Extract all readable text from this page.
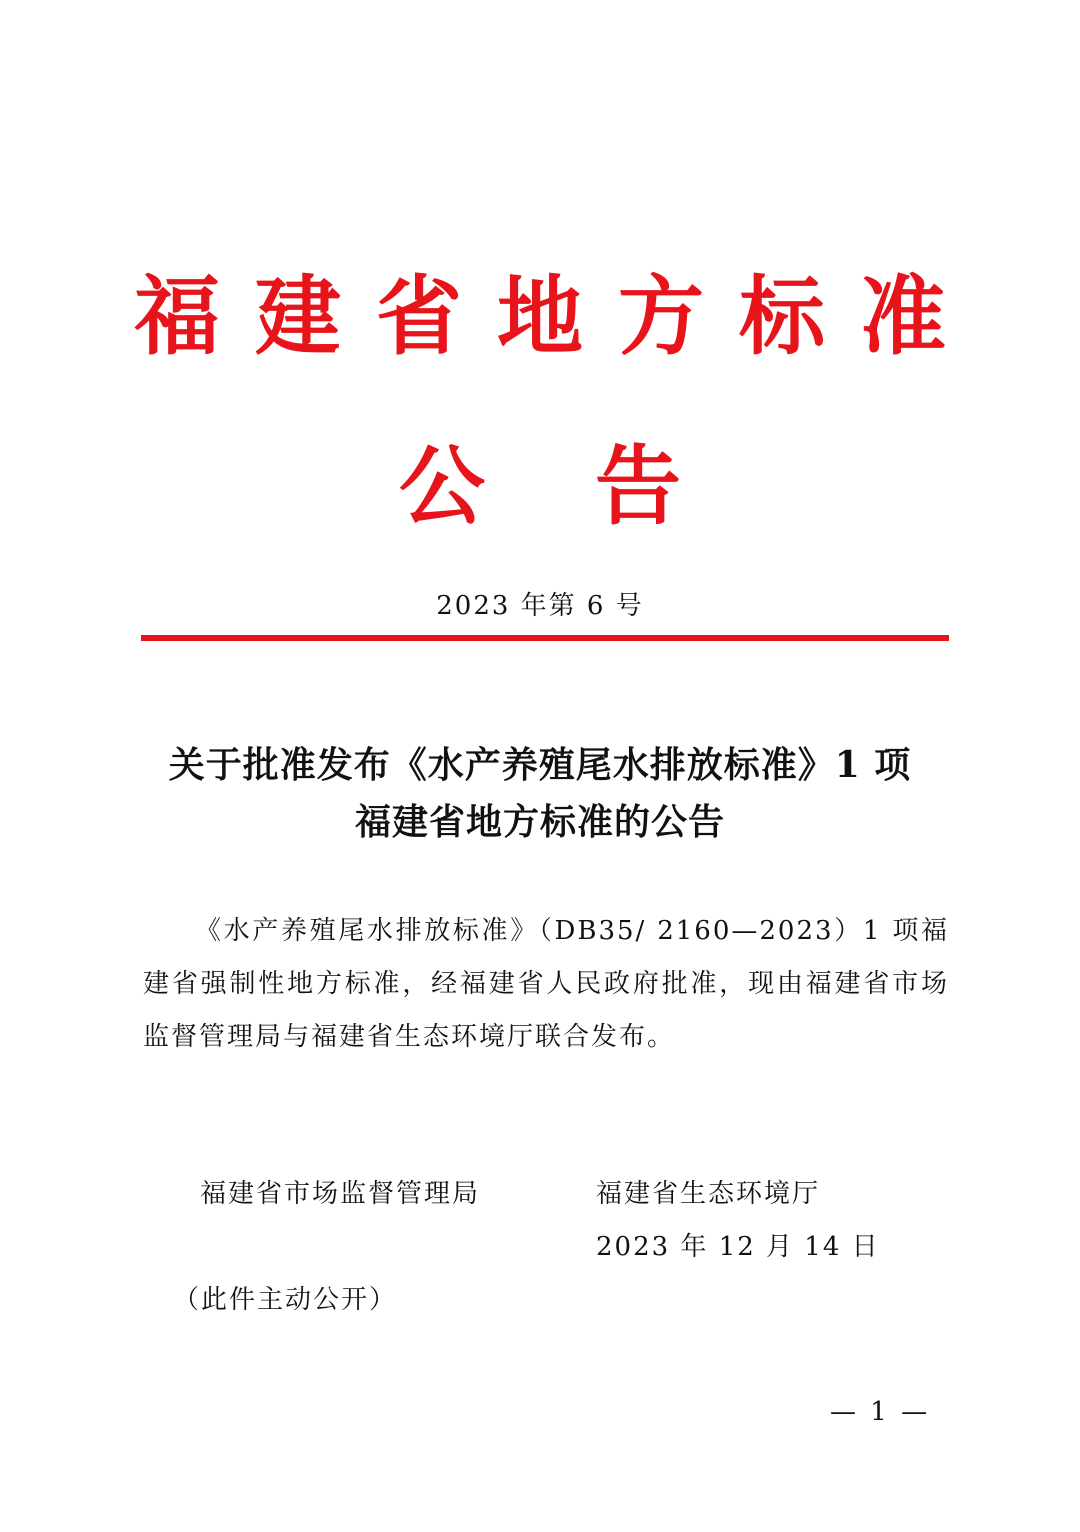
福建省地方标准
公告
2023 年第 6 号
关于批准发布《水产养殖尾水排放标准》1 项
福建省地方标准的公告
《水产养殖尾水排放标准》（DB35/ 2160—2023）1 项福建省强制性地方标准，经福建省人民政府批准，现由福建省市场监督管理局与福建省生态环境厅联合发布。
福建省市场监督管理局	福建省生态环境厅
2023 年 12 月 14 日
（此件主动公开）
— 1 —
